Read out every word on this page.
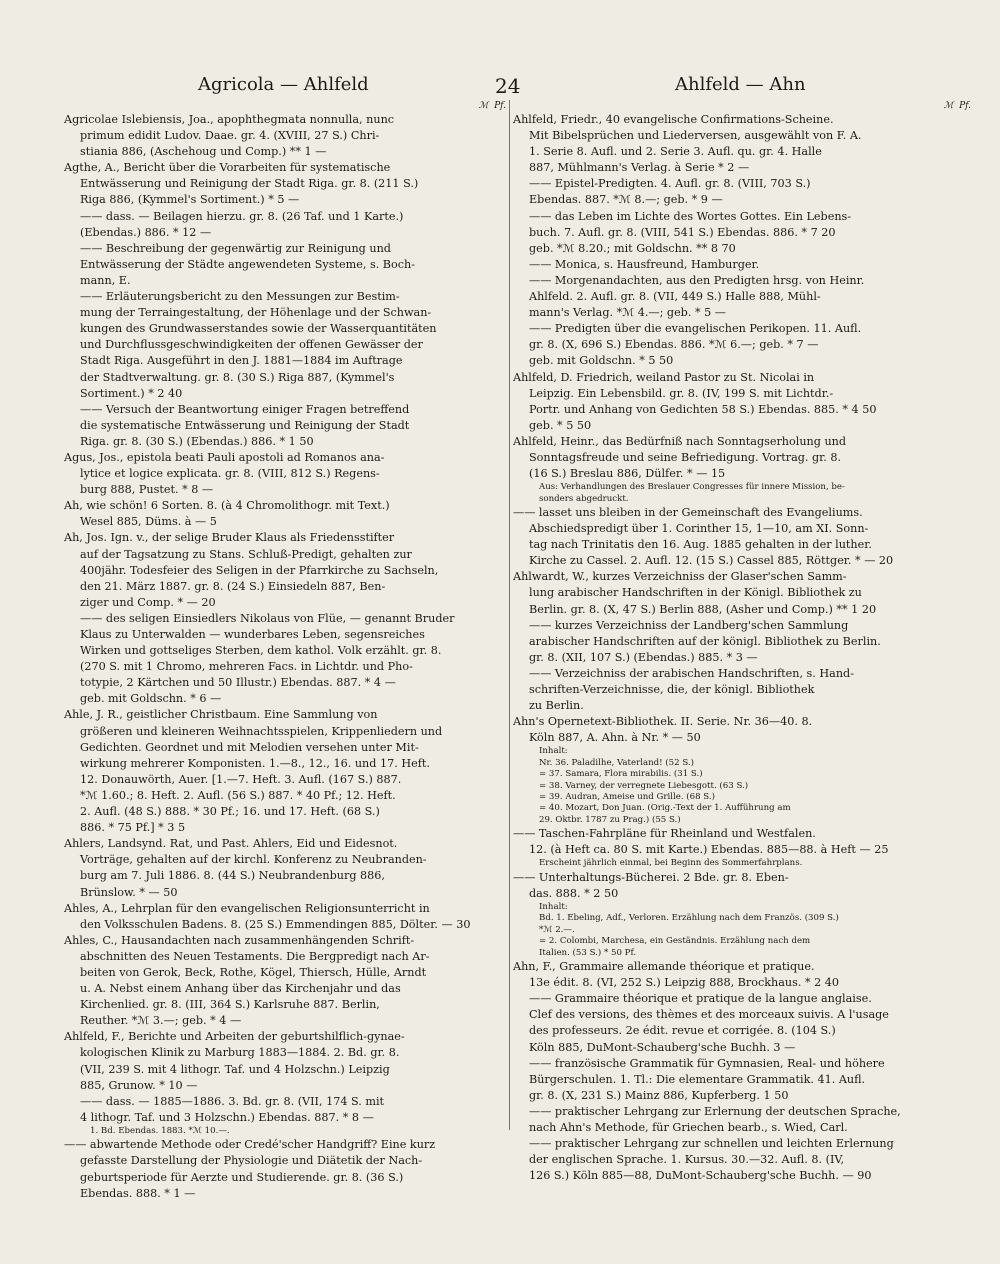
Agricola — Ahlfeld	24	Ahlfeld — Ahn
ℳ Pf.
Agricolae Islebiensis, Joa., apophthegmata nonnulla, nunc
primum edidit Ludov. Daae. gr. 4. (XVIII, 27 S.) Chri-
stiania 886, (Aschehoug und Comp.) ** 1 —
Agthe, A., Bericht über die Vorarbeiten für systematische
Entwässerung und Reinigung der Stadt Riga. gr. 8. (211 S.)
Riga 886, (Kymmel's Sortiment.) * 5 —
—— dass. — Beilagen hierzu. gr. 8. (26 Taf. und 1 Karte.)
(Ebendas.) 886. * 12 —
—— Beschreibung der gegenwärtig zur Reinigung und
Entwässerung der Städte angewendeten Systeme, s. Boch-
mann, E.
—— Erläuterungsbericht zu den Messungen zur Bestim-
mung der Terraingestaltung, der Höhenlage und der Schwan-
kungen des Grundwasserstandes sowie der Wasserquantitäten
und Durchflussgeschwindigkeiten der offenen Gewässer der
Stadt Riga. Ausgeführt in den J. 1881—1884 im Auftrage
der Stadtverwaltung. gr. 8. (30 S.) Riga 887, (Kymmel's
Sortiment.) * 2 40
—— Versuch der Beantwortung einiger Fragen betreffend
die systematische Entwässerung und Reinigung der Stadt
Riga. gr. 8. (30 S.) (Ebendas.) 886. * 1 50
Agus, Jos., epistola beati Pauli apostoli ad Romanos ana-
lytice et logice explicata. gr. 8. (VIII, 812 S.) Regens-
burg 888, Pustet. * 8 —
Ah, wie schön! 6 Sorten. 8. (à 4 Chromolithogr. mit Text.)
Wesel 885, Düms. à — 5
Ah, Jos. Ign. v., der selige Bruder Klaus als Friedensstifter
auf der Tagsatzung zu Stans. Schluß-Predigt, gehalten zur
400jähr. Todesfeier des Seligen in der Pfarrkirche zu Sachseln,
den 21. März 1887. gr. 8. (24 S.) Einsiedeln 887, Ben-
ziger und Comp. * — 20
—— des seligen Einsiedlers Nikolaus von Flüe, — genannt Bruder
Klaus zu Unterwalden — wunderbares Leben, segensreiches
Wirken und gottseliges Sterben, dem kathol. Volk erzählt. gr. 8.
(270 S. mit 1 Chromo, mehreren Facs. in Lichtdr. und Pho-
totypie, 2 Kärtchen und 50 Illustr.) Ebendas. 887. * 4 —
geb. mit Goldschn. * 6 —
Ahle, J. R., geistlicher Christbaum. Eine Sammlung von
größeren und kleineren Weihnachtsspielen, Krippenliedern und
Gedichten. Geordnet und mit Melodien versehen unter Mit-
wirkung mehrerer Komponisten. 1.—8., 12., 16. und 17. Heft.
12. Donauwörth, Auer. [1.—7. Heft. 3. Aufl. (167 S.) 887.
*ℳ 1.60.; 8. Heft. 2. Aufl. (56 S.) 887. * 40 Pf.; 12. Heft.
2. Aufl. (48 S.) 888. * 30 Pf.; 16. und 17. Heft. (68 S.)
886. * 75 Pf.] * 3 5
Ahlers, Landsynd. Rat, und Past. Ahlers, Eid und Eidesnot.
Vorträge, gehalten auf der kirchl. Konferenz zu Neubranden-
burg am 7. Juli 1886. 8. (44 S.) Neubrandenburg 886,
Brünslow. * — 50
Ahles, A., Lehrplan für den evangelischen Religionsunterricht in
den Volksschulen Badens. 8. (25 S.) Emmendingen 885, Dölter. — 30
Ahles, C., Hausandachten nach zusammenhängenden Schrift-
abschnitten des Neuen Testaments. Die Bergpredigt nach Ar-
beiten von Gerok, Beck, Rothe, Kögel, Thiersch, Hülle, Arndt
u. A. Nebst einem Anhang über das Kirchenjahr und das
Kirchenlied. gr. 8. (III, 364 S.) Karlsruhe 887. Berlin,
Reuther. *ℳ 3.—; geb. * 4 —
Ahlfeld, F., Berichte und Arbeiten der geburtshilflich-gynae-
kologischen Klinik zu Marburg 1883—1884. 2. Bd. gr. 8.
(VII, 239 S. mit 4 lithogr. Taf. und 4 Holzschn.) Leipzig
885, Grunow. * 10 —
—— dass. — 1885—1886. 3. Bd. gr. 8. (VII, 174 S. mit
4 lithogr. Taf. und 3 Holzschn.) Ebendas. 887. * 8 —
1. Bd. Ebendas. 1883. *ℳ 10.—.
—— abwartende Methode oder Credé'scher Handgriff? Eine kurz
gefasste Darstellung der Physiologie und Diätetik der Nach-
geburtsperiode für Aerzte und Studierende. gr. 8. (36 S.)
Ebendas. 888. * 1 —
ℳ Pf.
Ahlfeld, Friedr., 40 evangelische Confirmations-Scheine.
Mit Bibelsprüchen und Liederversen, ausgewählt von F. A.
1. Serie 8. Aufl. und 2. Serie 3. Aufl. qu. gr. 4. Halle
887, Mühlmann's Verlag. à Serie * 2 —
—— Epistel-Predigten. 4. Aufl. gr. 8. (VIII, 703 S.)
Ebendas. 887. *ℳ 8.—; geb. * 9 —
—— das Leben im Lichte des Wortes Gottes. Ein Lebens-
buch. 7. Aufl. gr. 8. (VIII, 541 S.) Ebendas. 886. * 7 20
geb. *ℳ 8.20.; mit Goldschn. ** 8 70
—— Monica, s. Hausfreund, Hamburger.
—— Morgenandachten, aus den Predigten hrsg. von Heinr.
Ahlfeld. 2. Aufl. gr. 8. (VII, 449 S.) Halle 888, Mühl-
mann's Verlag. *ℳ 4.—; geb. * 5 —
—— Predigten über die evangelischen Perikopen. 11. Aufl.
gr. 8. (X, 696 S.) Ebendas. 886. *ℳ 6.—; geb. * 7 —
geb. mit Goldschn. * 5 50
Ahlfeld, D. Friedrich, weiland Pastor zu St. Nicolai in
Leipzig. Ein Lebensbild. gr. 8. (IV, 199 S. mit Lichtdr.-
Portr. und Anhang von Gedichten 58 S.) Ebendas. 885. * 4 50
geb. * 5 50
Ahlfeld, Heinr., das Bedürfniß nach Sonntagserholung und
Sonntagsfreude und seine Befriedigung. Vortrag. gr. 8.
(16 S.) Breslau 886, Dülfer. * — 15
Aus: Verhandlungen des Breslauer Congresses für innere Mission, be-
sonders abgedruckt.
—— lasset uns bleiben in der Gemeinschaft des Evangeliums.
Abschiedspredigt über 1. Corinther 15, 1—10, am XI. Sonn-
tag nach Trinitatis den 16. Aug. 1885 gehalten in der luther.
Kirche zu Cassel. 2. Aufl. 12. (15 S.) Cassel 885, Röttger. * — 20
Ahlwardt, W., kurzes Verzeichniss der Glaser'schen Samm-
lung arabischer Handschriften in der Königl. Bibliothek zu
Berlin. gr. 8. (X, 47 S.) Berlin 888, (Asher und Comp.) ** 1 20
—— kurzes Verzeichniss der Landberg'schen Sammlung
arabischer Handschriften auf der königl. Bibliothek zu Berlin.
gr. 8. (XII, 107 S.) (Ebendas.) 885. * 3 —
—— Verzeichniss der arabischen Handschriften, s. Hand-
schriften-Verzeichnisse, die, der königl. Bibliothek
zu Berlin.
Ahn's Opernetext-Bibliothek. II. Serie. Nr. 36—40. 8.
Köln 887, A. Ahn. à Nr. * — 50
Inhalt:
Nr. 36. Paladilhe, Vaterland! (52 S.)
= 37. Samara, Flora mirabilis. (31 S.)
= 38. Varney, der verregnete Liebesgott. (63 S.)
= 39. Audran, Ameise und Grille. (68 S.)
= 40. Mozart, Don Juan. (Orig.-Text der 1. Aufführung am
29. Oktbr. 1787 zu Prag.) (55 S.)
—— Taschen-Fahrpläne für Rheinland und Westfalen.
12. (à Heft ca. 80 S. mit Karte.) Ebendas. 885—88. à Heft — 25
Erscheint jährlich einmal, bei Beginn des Sommerfahrplans.
—— Unterhaltungs-Bücherei. 2 Bde. gr. 8. Eben-
das. 888. * 2 50
Inhalt:
Bd. 1. Ebeling, Adf., Verloren. Erzählung nach dem Französ. (309 S.)
*ℳ 2.—.
= 2. Colombi, Marchesa, ein Geständnis. Erzählung nach dem
Italien. (53 S.) * 50 Pf.
Ahn, F., Grammaire allemande théorique et pratique.
13e édit. 8. (VI, 252 S.) Leipzig 888, Brockhaus. * 2 40
—— Grammaire théorique et pratique de la langue anglaise.
Clef des versions, des thèmes et des morceaux suivis. A l'usage
des professeurs. 2e édit. revue et corrigée. 8. (104 S.)
Köln 885, DuMont-Schauberg'sche Buchh. 3 —
—— französische Grammatik für Gymnasien, Real- und höhere
Bürgerschulen. 1. Tl.: Die elementare Grammatik. 41. Aufl.
gr. 8. (X, 231 S.) Mainz 886, Kupferberg. 1 50
—— praktischer Lehrgang zur Erlernung der deutschen Sprache,
nach Ahn's Methode, für Griechen bearb., s. Wied, Carl.
—— praktischer Lehrgang zur schnellen und leichten Erlernung
der englischen Sprache. 1. Kursus. 30.—32. Aufl. 8. (IV,
126 S.) Köln 885—88, DuMont-Schauberg'sche Buchh. — 90
